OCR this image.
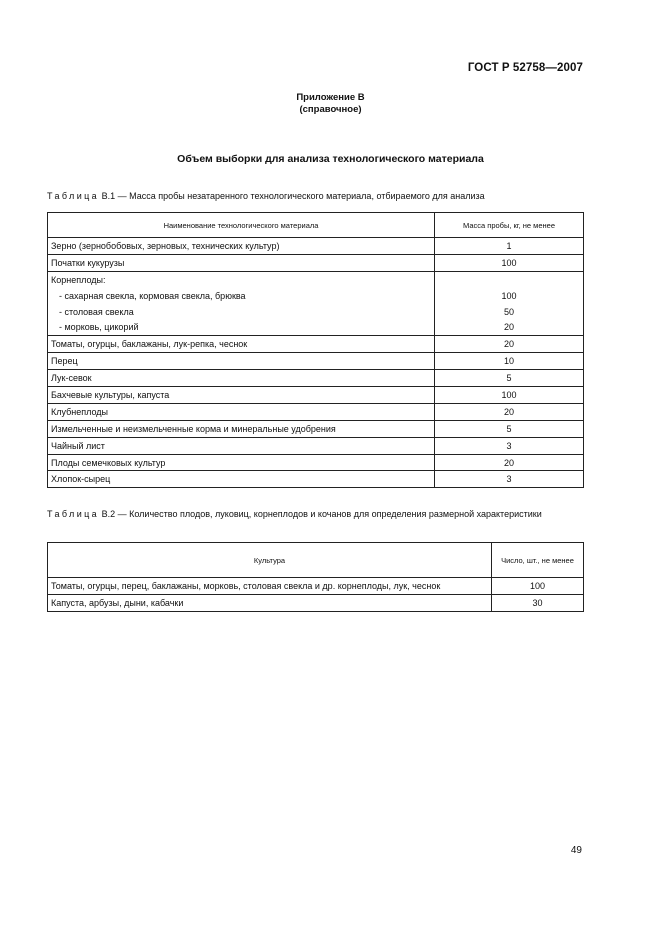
ГОСТ Р 52758—2007
Приложение В
(справочное)
Объем выборки для анализа технологического материала
Таблица В.1 — Масса пробы незатаренного технологического материала, отбираемого для анализа
Наименование технологического материала	Масса пробы, кг, не менее
Зерно (зернобобовых, зерновых, технических культур)	1
Початки кукурузы	100
Корнеплоды:	
- сахарная свекла, кормовая свекла, брюква	100
- столовая свекла	50
- морковь, цикорий	20
Томаты, огурцы, баклажаны, лук-репка, чеснок	20
Перец	10
Лук-севок	5
Бахчевые культуры, капуста	100
Клубнеплоды	20
Измельченные и неизмельченные корма и минеральные удобрения	5
Чайный лист	3
Плоды семечковых культур	20
Хлопок-сырец	3
Таблица В.2 — Количество плодов, луковиц, корнеплодов и кочанов для определения размерной характеристики
Культура	Число, шт., не менее
Томаты, огурцы, перец, баклажаны, морковь, столовая свекла и др. корнеплоды, лук, чеснок	100
Капуста, арбузы, дыни, кабачки	30
49
